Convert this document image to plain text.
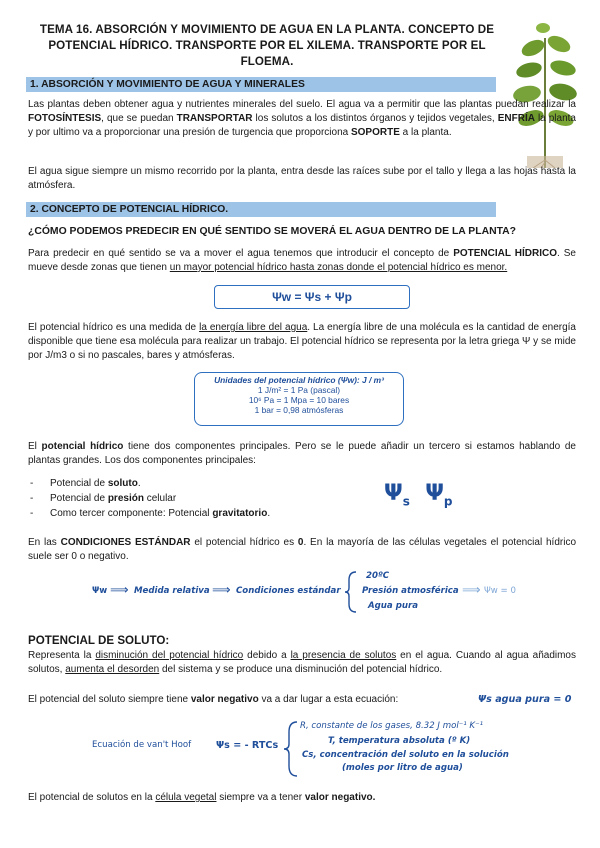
TEMA 16. ABSORCIÓN Y MOVIMIENTO DE AGUA EN LA PLANTA. CONCEPTO DE POTENCIAL HÍDRICO. TRANSPORTE POR EL XILEMA. TRANSPORTE POR EL FLOEMA.
1. ABSORCIÓN Y MOVIMIENTO DE AGUA Y MINERALES
Las plantas deben obtener agua y nutrientes minerales del suelo. El agua va a permitir que las plantas puedan realizar la FOTOSÍNTESIS, que se puedan TRANSPORTAR los solutos a los distintos órganos y tejidos vegetales, ENFRÍA la planta y por ultimo va a proporcionar una presión de turgencia que proporciona SOPORTE a la planta.
El agua sigue siempre un mismo recorrido por la planta, entra desde las raíces sube por el tallo y llega a las hojas hasta la atmósfera.
2. CONCEPTO DE POTENCIAL HÍDRICO.
¿CÓMO PODEMOS PREDECIR EN QUÉ SENTIDO SE MOVERÁ EL AGUA DENTRO DE LA PLANTA?
Para predecir en qué sentido se va a mover el agua tenemos que introducir el concepto de POTENCIAL HÍDRICO. Se mueve desde zonas que tienen un mayor potencial hídrico hasta zonas donde el potencial hídrico es menor.
Ψw = Ψs + Ψp
El potencial hídrico es una medida de la energía libre del agua. La energía libre de una molécula es la cantidad de energía disponible que tiene esa molécula para realizar un trabajo. El potencial hídrico se representa por la letra griega Ψ y se mide por J/m3 o si no pascales, bares y atmósferas.
Unidades del potencial hídrico (Ψw): J / m³
1 J/m² = 1 Pa (pascal)
10⁶ Pa = 1 Mpa = 10 bares
1 bar = 0,98 atmósferas
El potencial hídrico tiene dos componentes principales. Pero se le puede añadir un tercero si estamos hablando de plantas grandes. Los dos componentes principales:
- Potencial de soluto.
- Potencial de presión celular
- Como tercer componente: Potencial gravitatorio.
$\Psi_s$ $\Psi_p$
En las CONDICIONES ESTÁNDAR el potencial hídrico es 0. En la mayoría de las células vegetales el potencial hídrico suele ser 0 o negativo.
Ψw ⟹ Medida relativa ⟹ Condiciones estándar
20ºC
Presión atmosférica
Agua pura
⟹ Ψw = 0
POTENCIAL DE SOLUTO:
Representa la disminución del potencial hídrico debido a la presencia de solutos en el agua. Cuando al agua añadimos solutos, aumenta el desorden del sistema y se produce una disminución del potencial hídrico.
El potencial del soluto siempre tiene valor negativo va a dar lugar a esta ecuación:	Ψs agua pura = 0
Ecuación de van't Hoof	Ψs = - RTCs
R, constante de los gases, 8.32 J mol⁻¹ K⁻¹
T, temperatura absoluta (º K)
Cs, concentración del soluto en la solución
(moles por litro de agua)
El potencial de solutos en la célula vegetal siempre va a tener valor negativo.
